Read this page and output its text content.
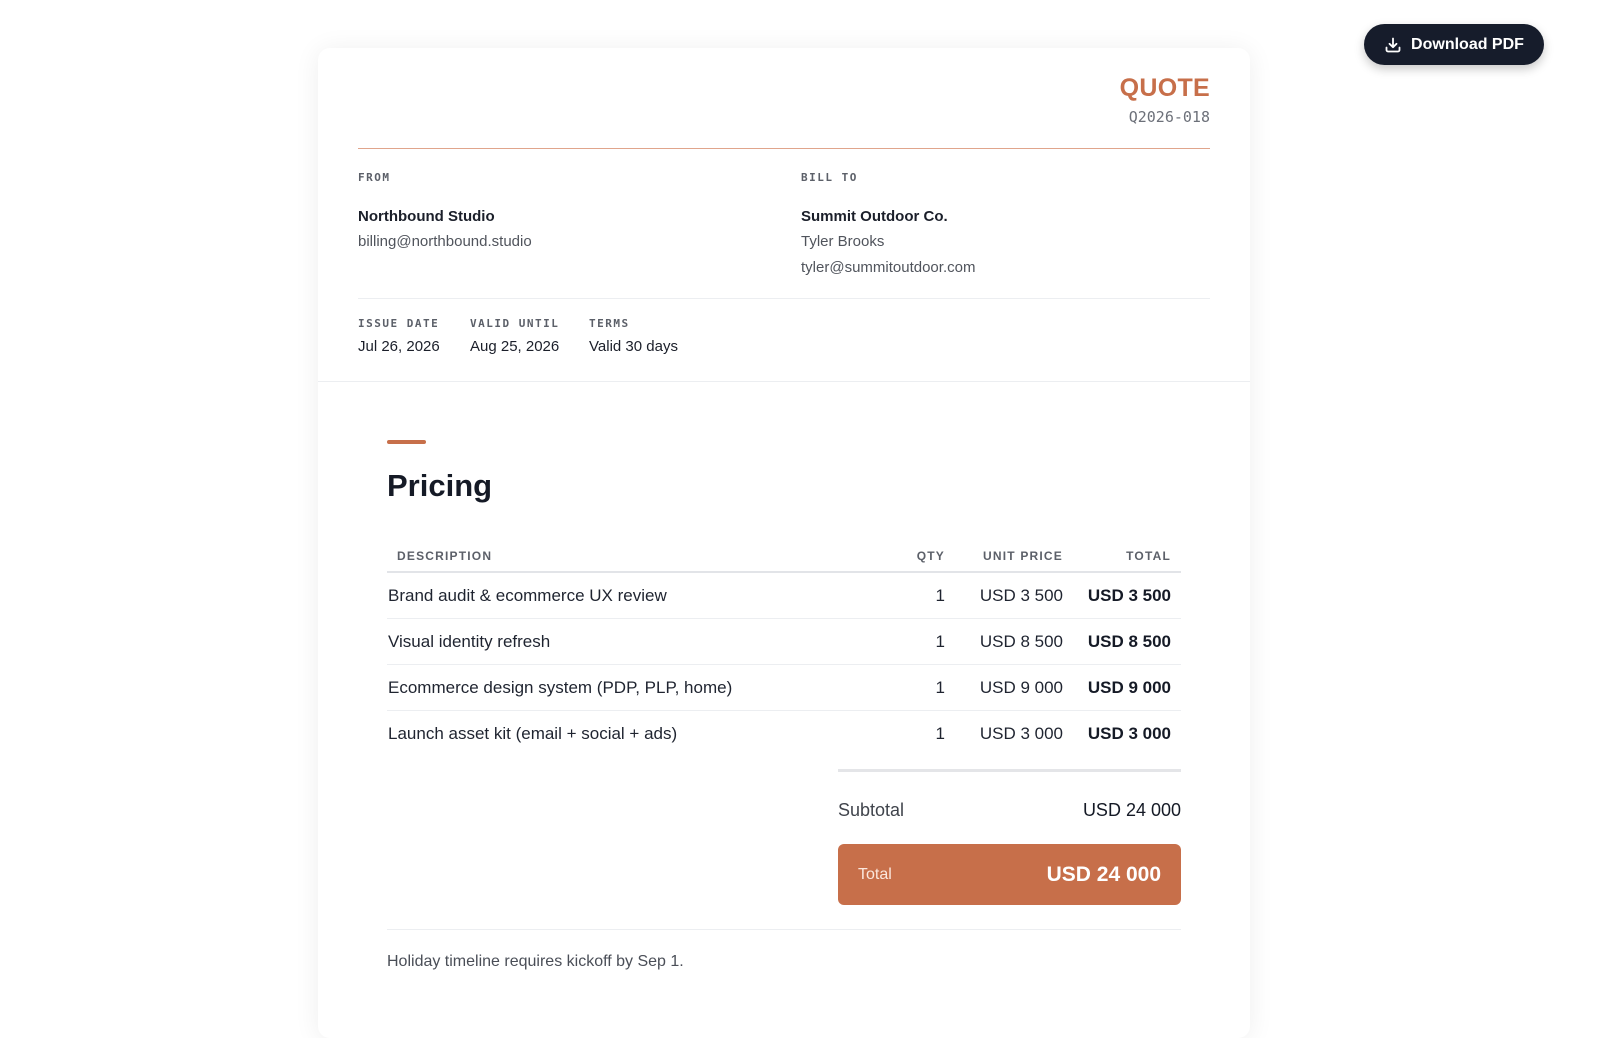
Download PDF
QUOTE
Q2026-018
FROM
Northbound Studio
billing@northbound.studio
BILL TO
Summit Outdoor Co.
Tyler Brooks
tyler@summitoutdoor.com
ISSUE DATE
Jul 26, 2026
VALID UNTIL
Aug 25, 2026
TERMS
Valid 30 days
Pricing
DESCRIPTION	QTY	UNIT PRICE	TOTAL
Brand audit & ecommerce UX review	1	USD 3 500	USD 3 500
Visual identity refresh	1	USD 8 500	USD 8 500
Ecommerce design system (PDP, PLP, home)	1	USD 9 000	USD 9 000
Launch asset kit (email + social + ads)	1	USD 3 000	USD 3 000
Subtotal	USD 24 000
Total	USD 24 000
Holiday timeline requires kickoff by Sep 1.
